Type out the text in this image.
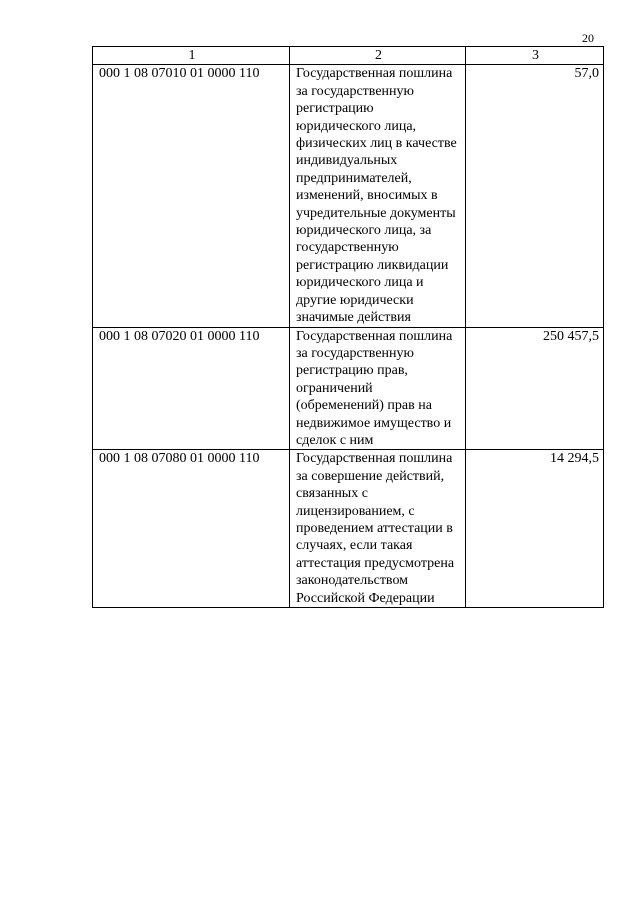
20
1	2	3
000 1 08 07010 01 0000 110	Государственная пошлина за государственную регистрацию юридического лица, физических лиц в качестве индивидуальных предпринимателей, изменений, вносимых в учредительные документы юридического лица, за государственную регистрацию ликвидации юридического лица и другие юридически значимые действия	57,0
000 1 08 07020 01 0000 110	Государственная пошлина за государственную регистрацию прав, ограничений (обременений) прав на недвижимое имущество и сделок с ним	250 457,5
000 1 08 07080 01 0000 110	Государственная пошлина за совершение действий, связанных с лицензированием, с проведением аттестации в случаях, если такая аттестация предусмотрена законодательством Российской Федерации	14 294,5
